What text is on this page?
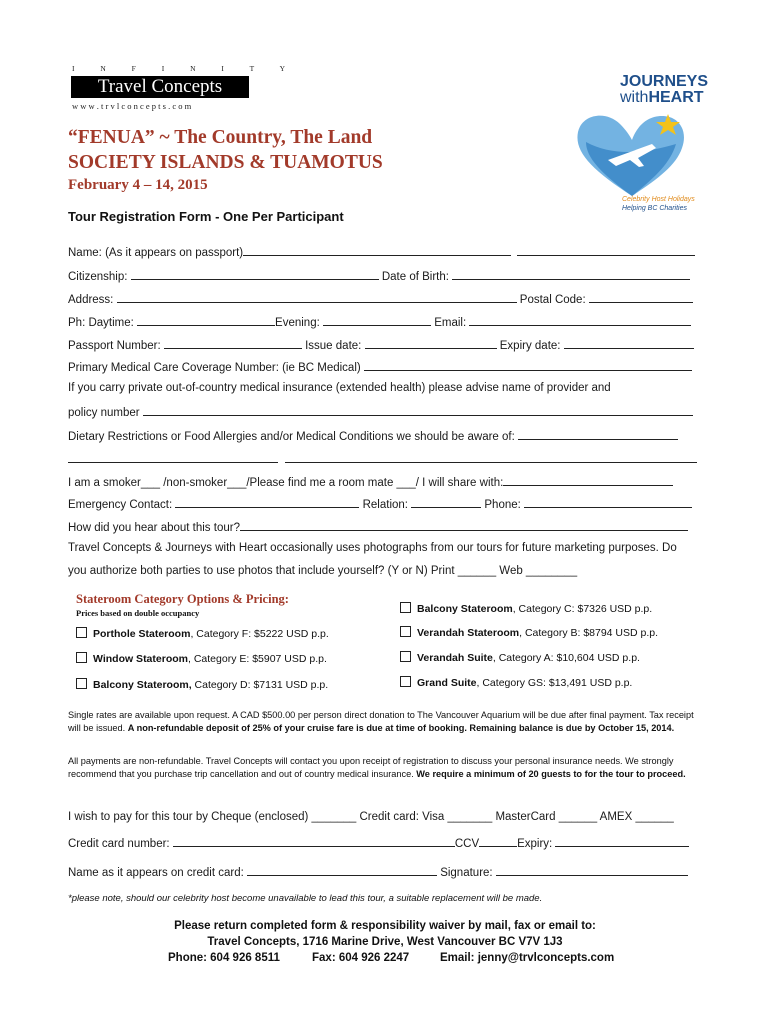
I N F I N I T Y
Travel Concepts
w w w . t r v l c o n c e p t s . c o m
JOURNEYS
withHEART
Celebrity Host Holidays
Helping BC Charities
“FENUA” ~ The Country, The Land
SOCIETY ISLANDS & TUAMOTUS
February 4 – 14, 2015
Tour Registration Form - One Per Participant
Name: (As it appears on passport)
Citizenship:	Date of Birth:
Address:	Postal Code:
Ph: Daytime:	Evening:	Email:
Passport Number:	Issue date:	Expiry date:
Primary Medical Care Coverage Number: (ie BC Medical)
If you carry private out-of-country medical insurance (extended health) please advise name of provider and
policy number
Dietary Restrictions or Food Allergies and/or Medical Conditions we should be aware of:

I am a smoker___ /non-smoker___/Please find me a room mate ___/ I will share with:
Emergency Contact:	Relation:	Phone:
How did you hear about this tour?
Travel Concepts & Journeys with Heart occasionally uses photographs from our tours for future marketing purposes. Do
you authorize both parties to use photos that include yourself? (Y or N) Print ______ Web ________
Stateroom Category Options & Pricing:
Prices based on double occupancy	Balcony Stateroom, Category C: $7326 USD p.p.
Porthole Stateroom, Category F: $5222 USD p.p.	Verandah Stateroom, Category B: $8794 USD p.p.
Window Stateroom, Category E: $5907 USD p.p.	Verandah Suite, Category A: $10,604 USD p.p.
Balcony Stateroom, Category D: $7131 USD p.p.	Grand Suite, Category GS: $13,491 USD p.p.
Single rates are available upon request. A CAD $500.00 per person direct donation to The Vancouver Aquarium will be due after final payment. Tax receipt will be issued. A non-refundable deposit of 25% of your cruise fare is due at time of booking. Remaining balance is due by October 15, 2014.
All payments are non-refundable. Travel Concepts will contact you upon receipt of registration to discuss your personal insurance needs. We strongly recommend that you purchase trip cancellation and out of country medical insurance. We require a minimum of 20 guests to for the tour to proceed.
I wish to pay for this tour by Cheque (enclosed) _______ Credit card: Visa _______ MasterCard ______ AMEX ______
Credit card number:	CCV	Expiry:
Name as it appears on credit card:	Signature:
*please note, should our celebrity host become unavailable to lead this tour, a suitable replacement will be made.
Please return completed form & responsibility waiver by mail, fax or email to:
Travel Concepts, 1716 Marine Drive, West Vancouver BC V7V 1J3
Phone: 604 926 8511	Fax: 604 926 2247	Email: jenny@trvlconcepts.com
